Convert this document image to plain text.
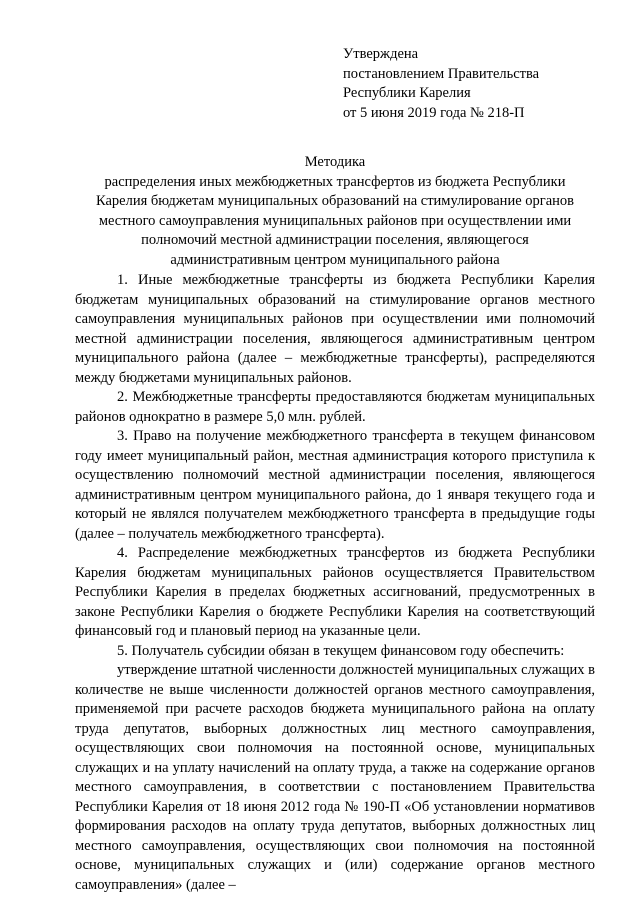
Утверждена
постановлением Правительства
Республики Карелия
от 5 июня 2019 года № 218-П
Методика
распределения иных межбюджетных трансфертов из бюджета Республики
Карелия бюджетам муниципальных образований на стимулирование органов
местного самоуправления муниципальных районов при осуществлении ими
полномочий местной администрации поселения, являющегося
административным центром муниципального района

1. Иные межбюджетные трансферты из бюджета Республики Карелия бюджетам муниципальных образований на стимулирование органов местного самоуправления муниципальных районов при осуществлении ими полномочий местной администрации поселения, являющегося административным центром муниципального района (далее – межбюджетные трансферты), распределяются между бюджетами муниципальных районов.

2. Межбюджетные трансферты предоставляются бюджетам муниципальных районов однократно в размере 5,0 млн. рублей.

3. Право на получение межбюджетного трансферта в текущем финансовом году имеет муниципальный район, местная администрация которого приступила к осуществлению полномочий местной администрации поселения, являющегося административным центром муниципального района, до 1 января текущего года и который не являлся получателем межбюджетного трансферта в предыдущие годы (далее – получатель межбюджетного трансферта).

4. Распределение межбюджетных трансфертов из бюджета Республики Карелия бюджетам муниципальных районов осуществляется Правительством Республики Карелия в пределах бюджетных ассигнований, предусмотренных в законе Республики Карелия о бюджете Республики Карелия на соответствующий финансовый год и плановый период на указанные цели.

5. Получатель субсидии обязан в текущем финансовом году обеспечить:

утверждение штатной численности должностей муниципальных служащих в количестве не выше численности должностей органов местного самоуправления, применяемой при расчете расходов бюджета муниципального района на оплату труда депутатов, выборных должностных лиц местного самоуправления, осуществляющих свои полномочия на постоянной основе, муниципальных служащих и на уплату начислений на оплату труда, а также на содержание органов местного самоуправления, в соответствии с постановлением Правительства Республики Карелия от 18 июня 2012 года № 190-П «Об установлении нормативов формирования расходов на оплату труда депутатов, выборных должностных лиц местного самоуправления, осуществляющих свои полномочия на постоянной основе, муниципальных служащих и (или) содержание органов местного самоуправления» (далее –
